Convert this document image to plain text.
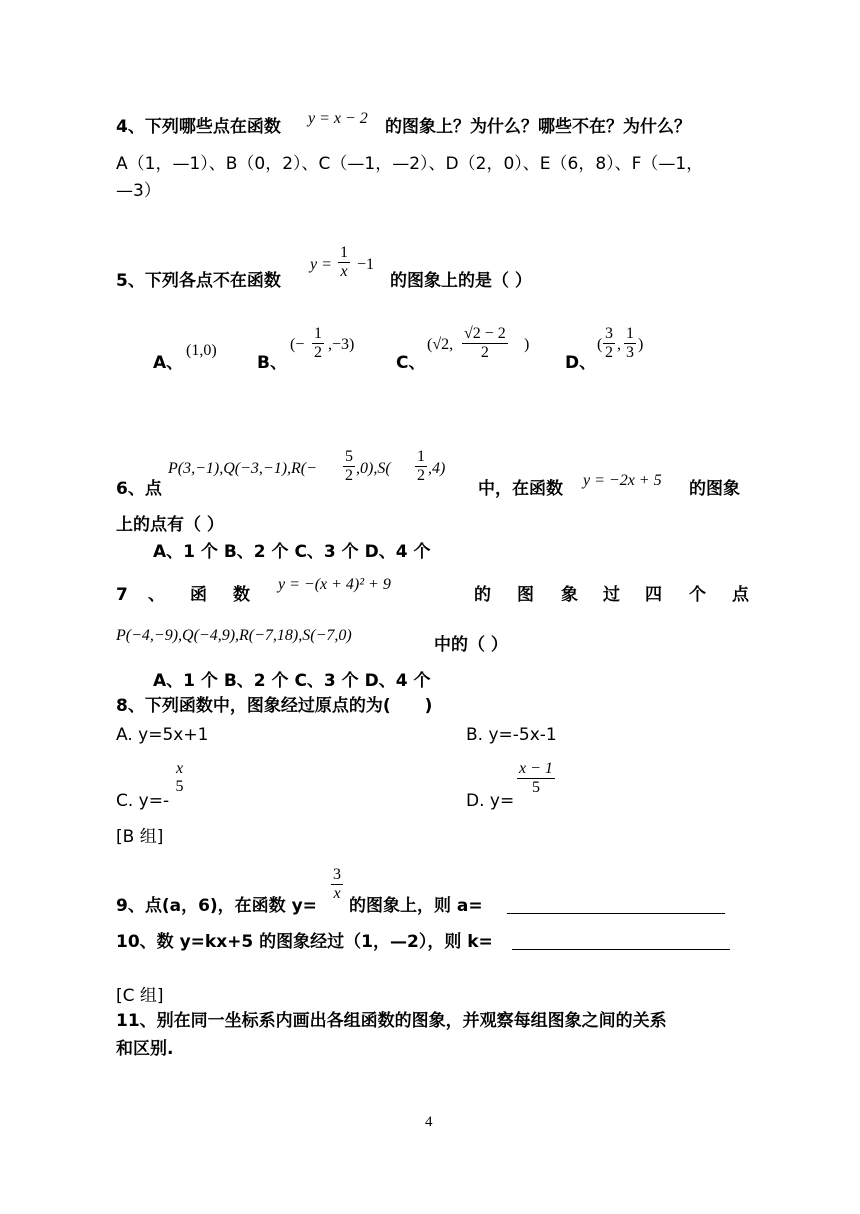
4、下列哪些点在函数 y = x − 2 的图象上？为什么？哪些不在？为什么？
A（1，—1）、B（0，2）、C（—1，—2）、D（2，0）、E（6，8）、F（—1，
—3）
5、下列各点不在函数
$y = \frac{1}{x} -1$
的图象上的是（ ）
A、
(1,0)
B、
(− $\frac{1}{2} ,-3$)
C、
(√2, $\frac{√2 - 2}{2}$ )
D、
( $\frac{3}{2}$ , $\frac{1}{3}$ )
6、点
$P(3,-1),Q(-3,-1),R(- \frac{5}{2} ,0),S( \frac{1}{2} ,4)$
中，在函数 y = −2x + 5 的图象
上的点有（ ）
A、1 个 B、2 个 C、3 个 D、4 个
7 、 函 数
y = −(x + 4)² + 9
的 图 象 过 四 个 点
P(−4,−9),Q(−4,9),R(−7,18),S(−7,0)	中的（ ）
A、1 个 B、2 个 C、3 个 D、4 个
8、下列函数中，图象经过原点的为(　　)
A. y=5x+1	B. y=-5x-1
C. y=-
x
5
D. y=
$\frac{x - 1}{5}$
[B 组]
9、点(a，6)，在函数 y=
$\frac{3}{x}$
的图象上，则 a=
10、数 y=kx+5 的图象经过（1，—2），则 k=
[C 组]
11、别在同一坐标系内画出各组函数的图象，并观察每组图象之间的关系
和区别.
4
